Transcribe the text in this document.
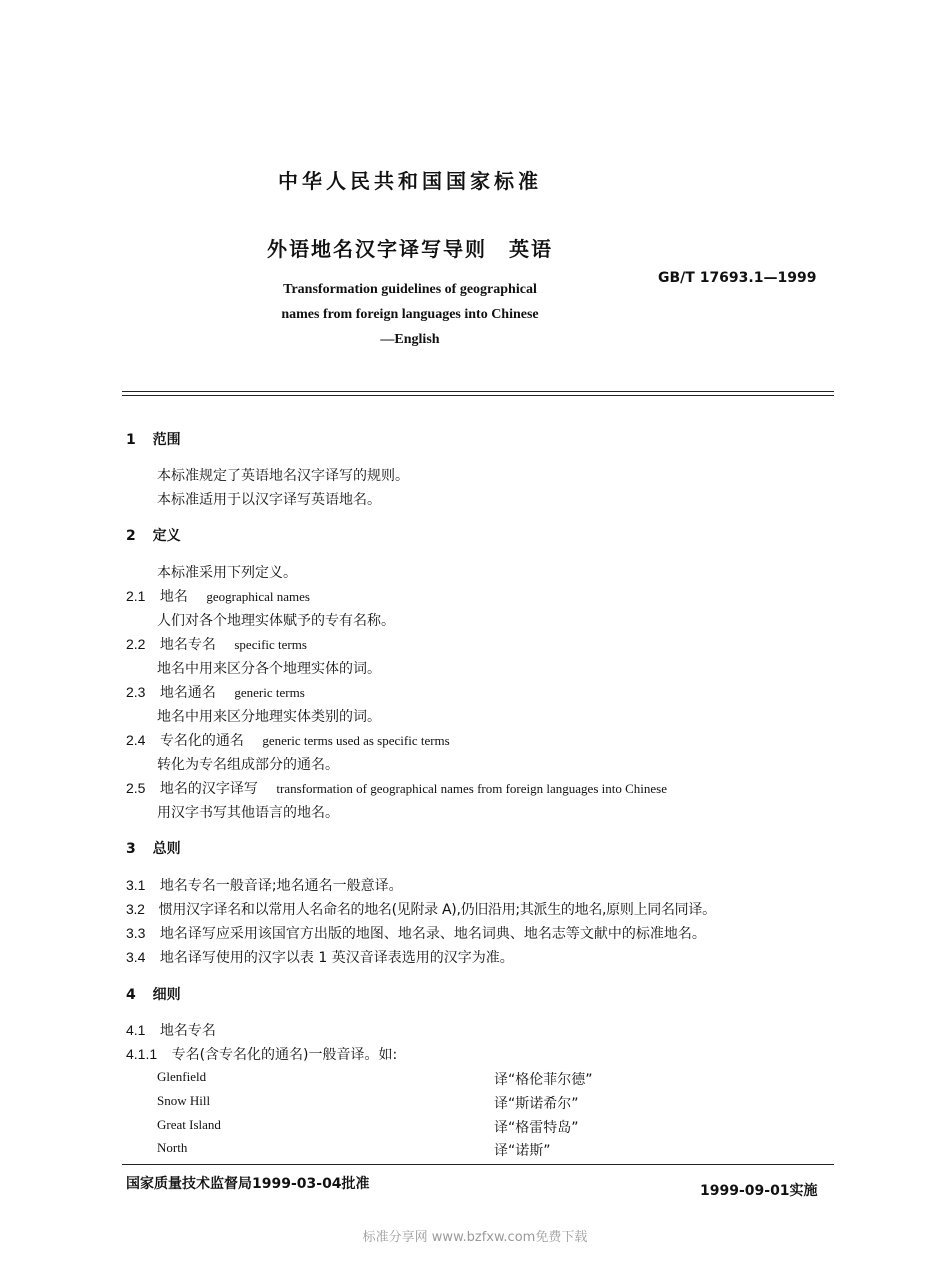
中华人民共和国国家标准
外语地名汉字译写导则　英语
GB/T 17693.1—1999
Transformation guidelines of geographical
names from foreign languages into Chinese
—English
1 范围
本标准规定了英语地名汉字译写的规则。
本标准适用于以汉字译写英语地名。
2 定义
本标准采用下列定义。
2.1 地名 geographical names
人们对各个地理实体赋予的专有名称。
2.2 地名专名 specific terms
地名中用来区分各个地理实体的词。
2.3 地名通名 generic terms
地名中用来区分地理实体类别的词。
2.4 专名化的通名 generic terms used as specific terms
转化为专名组成部分的通名。
2.5 地名的汉字译写 transformation of geographical names from foreign languages into Chinese
用汉字书写其他语言的地名。
3 总则
3.1 地名专名一般音译;地名通名一般意译。
3.2 惯用汉字译名和以常用人名命名的地名(见附录 A),仍旧沿用;其派生的地名,原则上同名同译。
3.3 地名译写应采用该国官方出版的地图、地名录、地名词典、地名志等文献中的标准地名。
3.4 地名译写使用的汉字以表 1 英汉音译表选用的汉字为准。
4 细则
4.1 地名专名
4.1.1 专名(含专名化的通名)一般音译。如:
Glenfield	译“格伦菲尔德”
Snow Hill	译“斯诺希尔”
Great Island	译“格雷特岛”
North	译“诺斯”
国家质量技术监督局1999-03-04批准	1999-09-01实施
标准分享网 www.bzfxw.com免费下载
